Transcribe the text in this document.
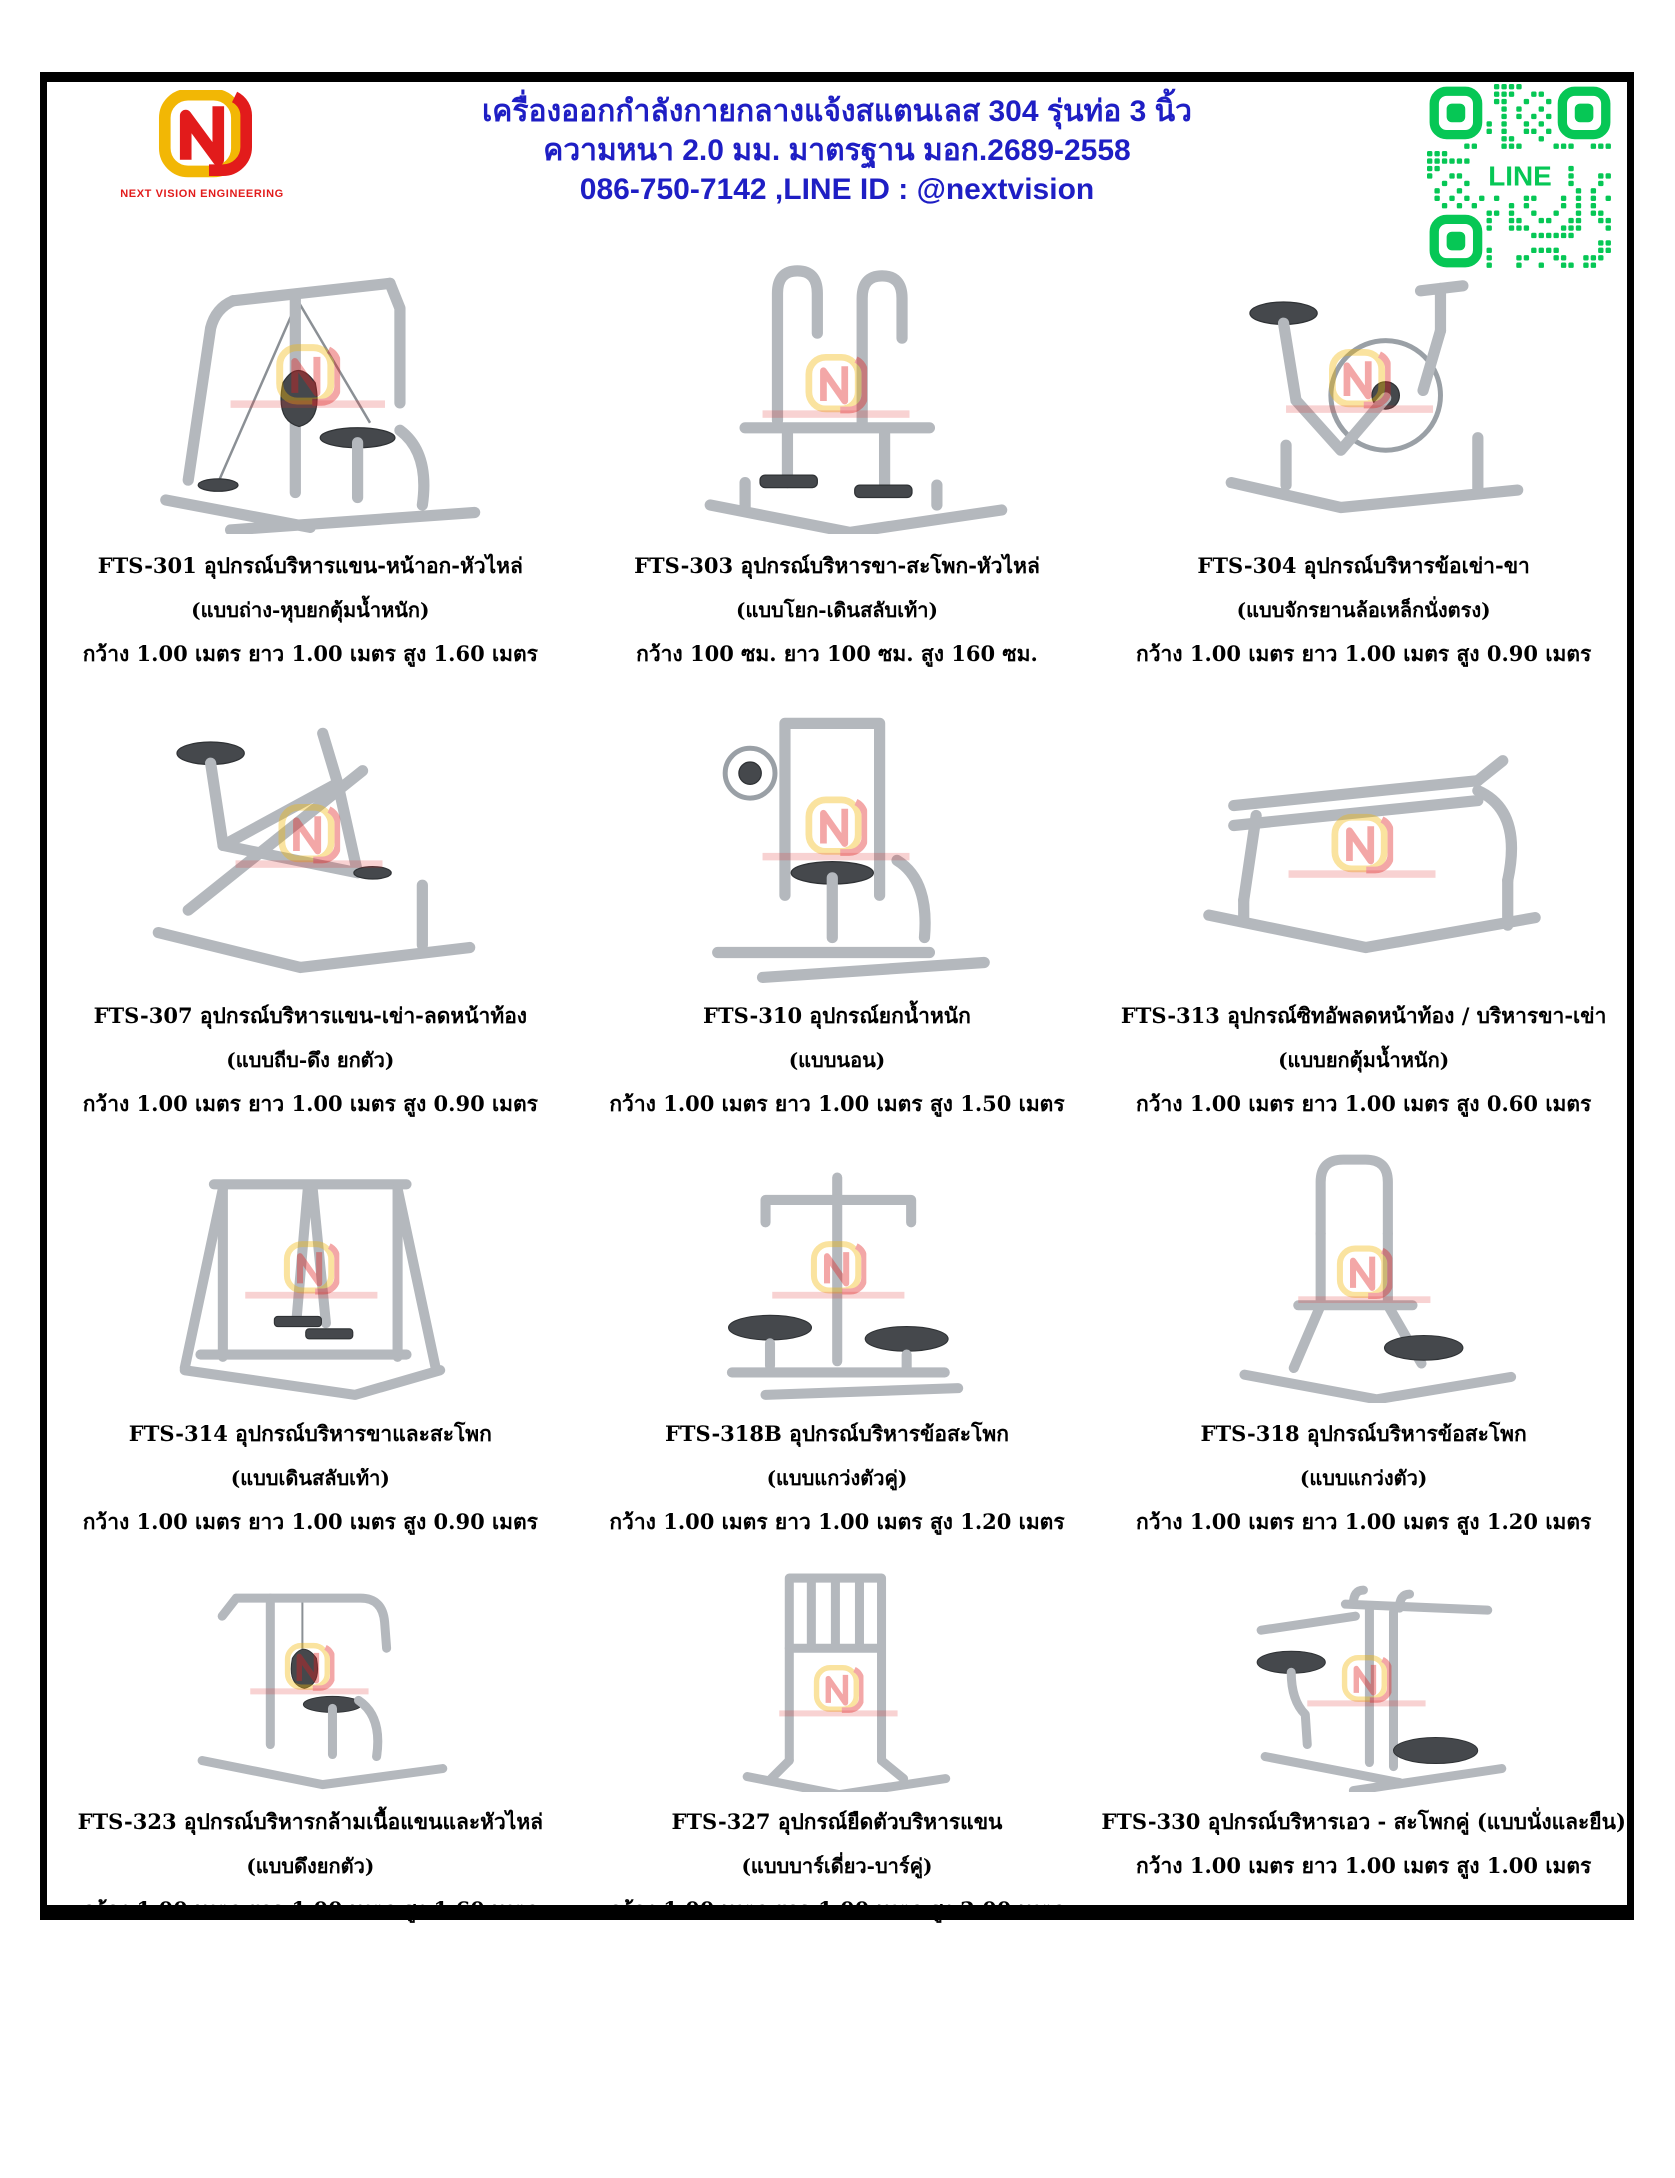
NEXT VISION ENGINEERING
เครื่องออกกำลังกายกลางแจ้งสแตนเลส 304 รุ่นท่อ 3 นิ้ว
ความหนา 2.0 มม. มาตรฐาน มอก.2689-2558
086-750-7142 ,LINE ID : @nextvision	LINE
FTS-301 อุปกรณ์บริหารแขน-หน้าอก-หัวไหล่
(แบบถ่าง-หุบยกตุ้มน้ำหนัก)
กว้าง 1.00 เมตร ยาว 1.00 เมตร สูง 1.60 เมตร
FTS-303 อุปกรณ์บริหารขา-สะโพก-หัวไหล่
(แบบโยก-เดินสลับเท้า)
กว้าง 100 ซม. ยาว 100 ซม. สูง 160 ซม.
FTS-304 อุปกรณ์บริหารข้อเข่า-ขา
(แบบจักรยานล้อเหล็กนั่งตรง)
กว้าง 1.00 เมตร ยาว 1.00 เมตร สูง 0.90 เมตร
FTS-307 อุปกรณ์บริหารแขน-เข่า-ลดหน้าท้อง
(แบบถีบ-ดึง ยกตัว)
กว้าง 1.00 เมตร ยาว 1.00 เมตร สูง 0.90 เมตร
FTS-310 อุปกรณ์ยกน้ำหนัก
(แบบนอน)
กว้าง 1.00 เมตร ยาว 1.00 เมตร สูง 1.50 เมตร
FTS-313 อุปกรณ์ซิทอัพลดหน้าท้อง / บริหารขา-เข่า
(แบบยกตุ้มน้ำหนัก)
กว้าง 1.00 เมตร ยาว 1.00 เมตร สูง 0.60 เมตร
FTS-314 อุปกรณ์บริหารขาและสะโพก
(แบบเดินสลับเท้า)
กว้าง 1.00 เมตร ยาว 1.00 เมตร สูง 0.90 เมตร
FTS-318B อุปกรณ์บริหารข้อสะโพก
(แบบแกว่งตัวคู่)
กว้าง 1.00 เมตร ยาว 1.00 เมตร สูง 1.20 เมตร
FTS-318 อุปกรณ์บริหารข้อสะโพก
(แบบแกว่งตัว)
กว้าง 1.00 เมตร ยาว 1.00 เมตร สูง 1.20 เมตร
FTS-323 อุปกรณ์บริหารกล้ามเนื้อแขนและหัวไหล่
(แบบดึงยกตัว)
กว้าง 1.00 เมตร ยาว 1.00 เมตร สูง 1.60 เมตร
FTS-327 อุปกรณ์ยืดตัวบริหารแขน
(แบบบาร์เดี่ยว-บาร์คู่)
กว้าง 1.00 เมตร ยาว 1.00 เมตร สูง 2.00 เมตร
FTS-330 อุปกรณ์บริหารเอว - สะโพกคู่ (แบบนั่งและยืน)
กว้าง 1.00 เมตร ยาว 1.00 เมตร สูง 1.00 เมตร
